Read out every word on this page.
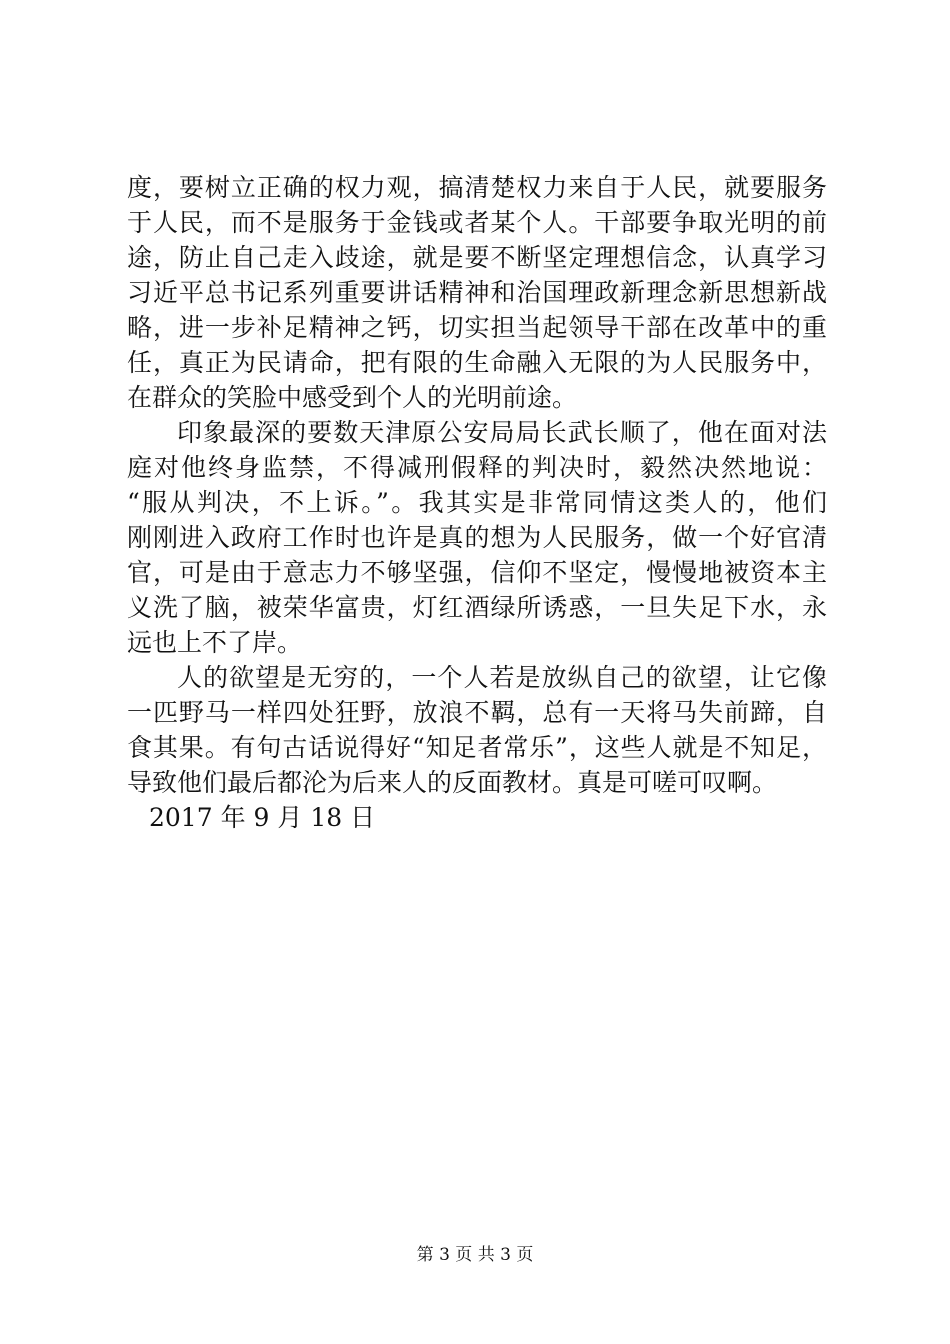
度，要树立正确的权力观，搞清楚权力来自于人民，就要服务
于人民，而不是服务于金钱或者某个人。干部要争取光明的前
途，防止自己走入歧途，就是要不断坚定理想信念，认真学习
习近平总书记系列重要讲话精神和治国理政新理念新思想新战
略，进一步补足精神之钙，切实担当起领导干部在改革中的重
任，真正为民请命，把有限的生命融入无限的为人民服务中，
在群众的笑脸中感受到个人的光明前途。
印象最深的要数天津原公安局局长武长顺了，他在面对法
庭对他终身监禁，不得减刑假释的判决时，毅然决然地说：
“服从判决，不上诉。”。我其实是非常同情这类人的，他们
刚刚进入政府工作时也许是真的想为人民服务，做一个好官清
官，可是由于意志力不够坚强，信仰不坚定，慢慢地被资本主
义洗了脑，被荣华富贵，灯红酒绿所诱惑，一旦失足下水，永
远也上不了岸。
人的欲望是无穷的，一个人若是放纵自己的欲望，让它像
一匹野马一样四处狂野，放浪不羁，总有一天将马失前蹄，自
食其果。有句古话说得好“知足者常乐”，这些人就是不知足，
导致他们最后都沦为后来人的反面教材。真是可嗟可叹啊。
2017 年 9 月 18 日
第 3 页 共 3 页
